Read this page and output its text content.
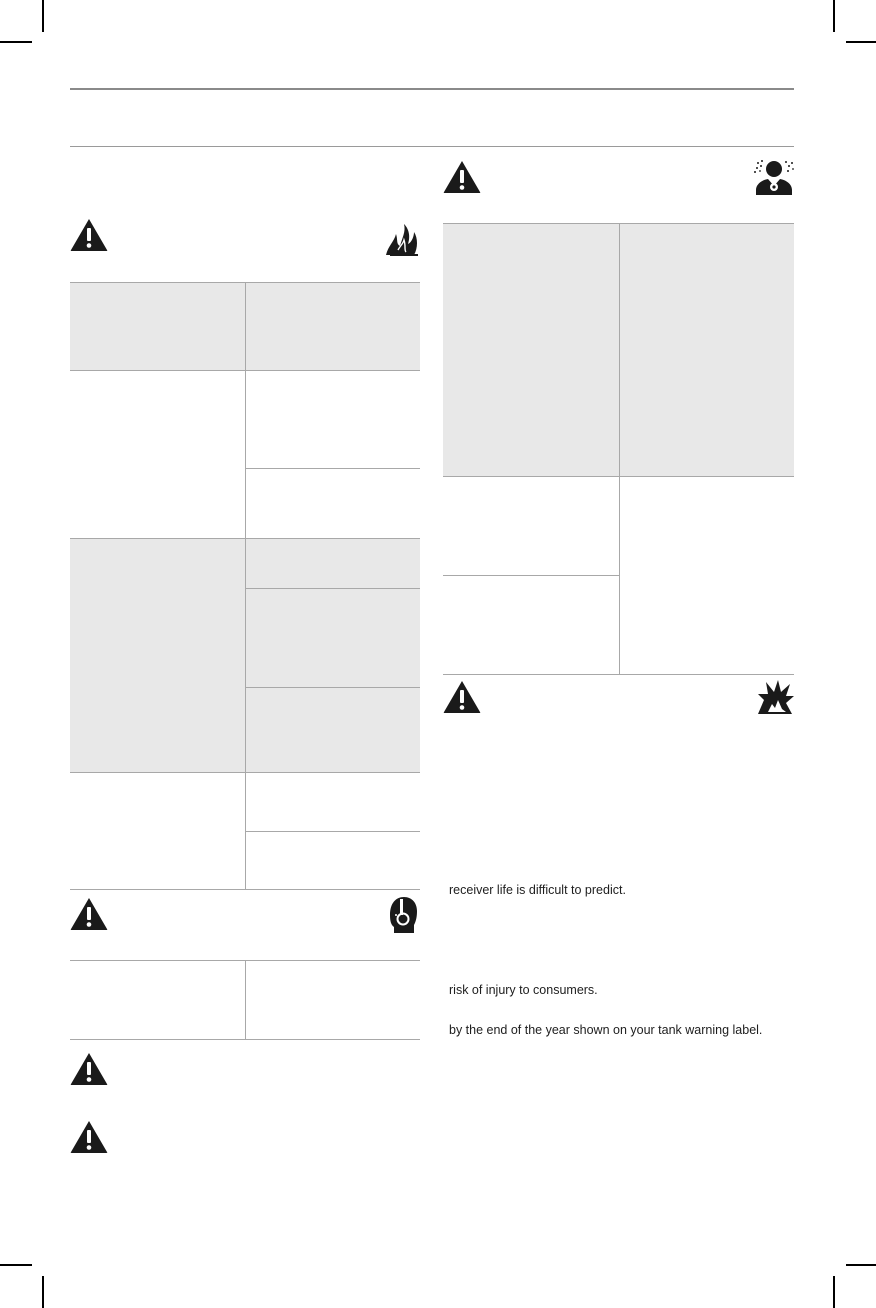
receiver life is difficult to predict.
risk of injury to consumers.
by the end of the year shown on your tank warning label.
